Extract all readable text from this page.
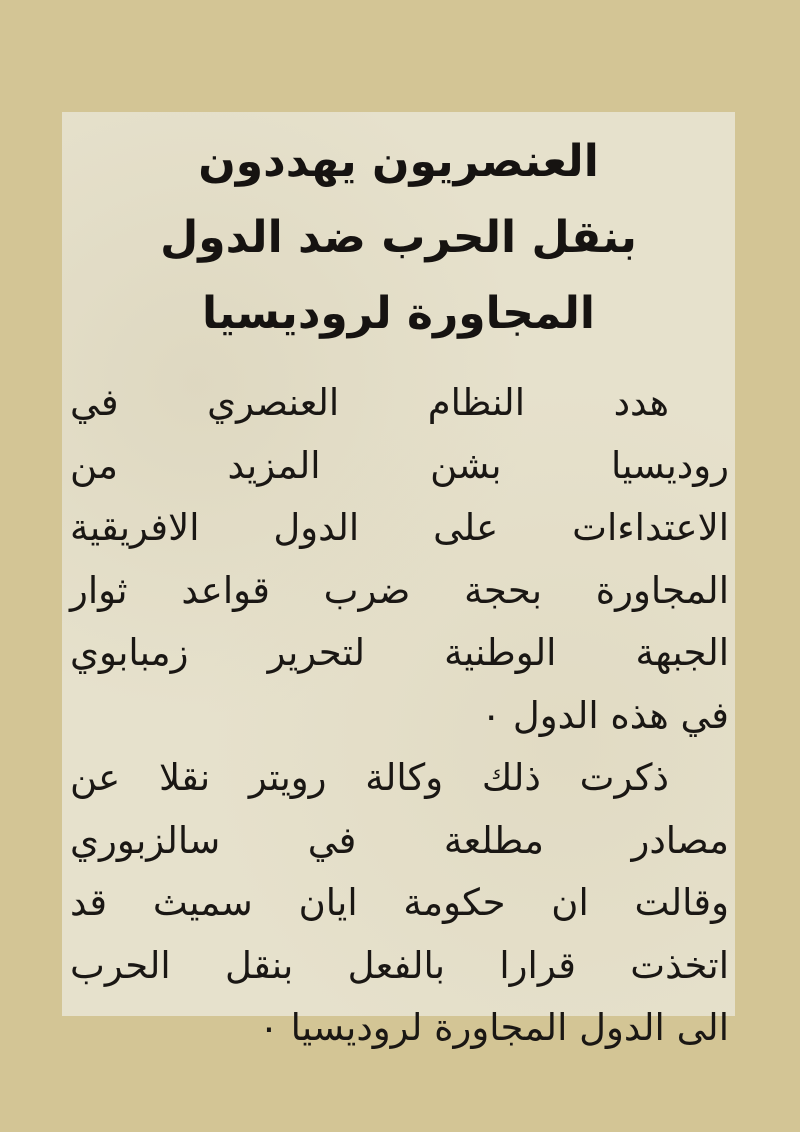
العنصريون يهددون
بنقل الحرب ضد الدول
المجاورة لروديسيا
هدد النظام العنصري في
روديسيا بشن المزيد من
الاعتداءات على الدول الافريقية
المجاورة بحجة ضرب قواعد ثوار
الجبهة الوطنية لتحرير زمبابوي
في هذه الدول ٠
ذكرت ذلك وكالة رويتر نقلا عن
مصادر مطلعة في سالزبوري
وقالت ان حكومة ايان سميث قد
اتخذت قرارا بالفعل بنقل الحرب
الى الدول المجاورة لروديسيا ٠
